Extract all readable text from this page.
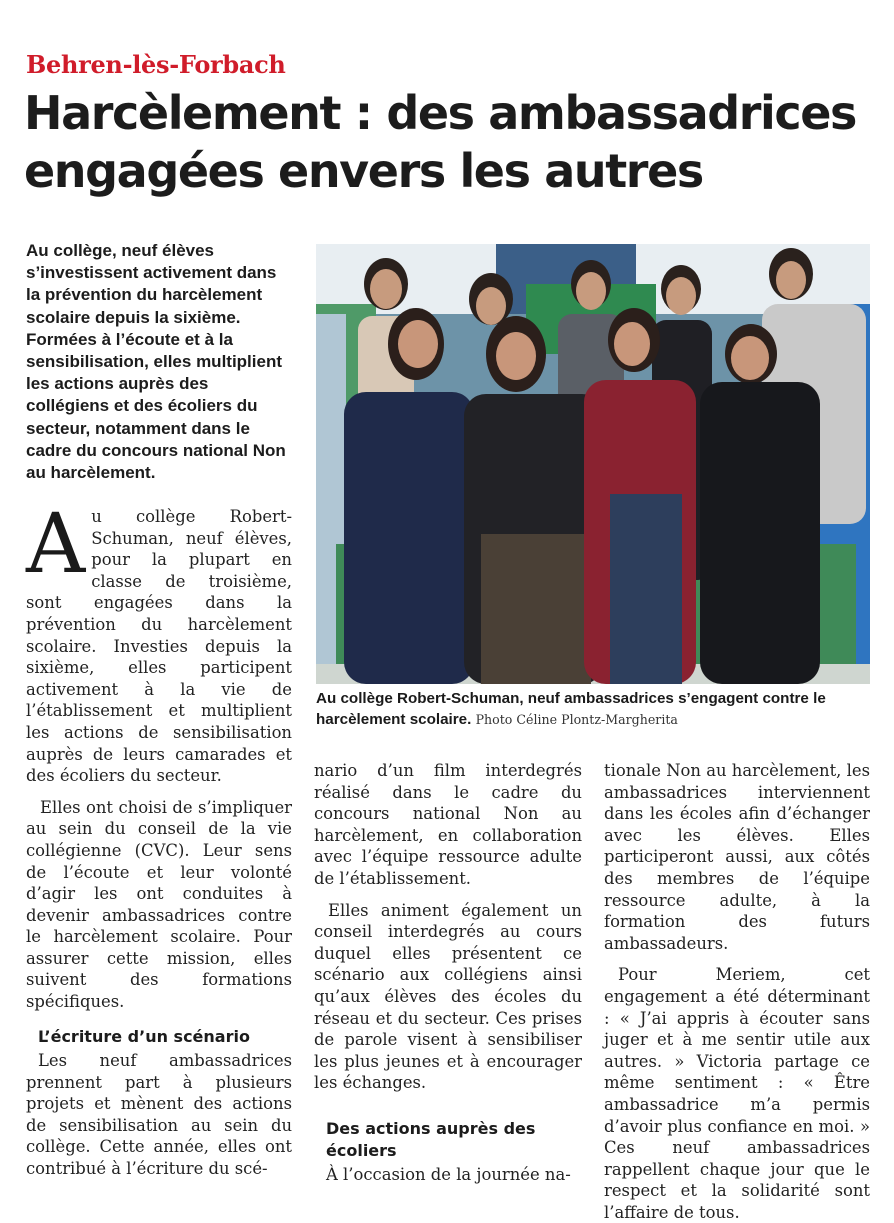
Behren-lès-Forbach
Harcèlement : des ambassadrices engagées envers les autres

Au collège, neuf élèves s’investissent activement dans la prévention du harcèlement scolaire depuis la sixième. Formées à l’écoute et à la sensibilisation, elles multiplient les actions auprès des collégiens et des écoliers du secteur, notamment dans le cadre du concours national Non au harcèlement.

Au collège Robert-Schuman, neuf élèves, pour la plupart en classe de troisième, sont engagées dans la prévention du harcèlement scolaire. Investies depuis la sixième, elles participent activement à la vie de l’établissement et multiplient les actions de sensibilisation auprès de leurs camarades et des écoliers du secteur.

Elles ont choisi de s’impliquer au sein du conseil de la vie collégienne (CVC). Leur sens de l’écoute et leur volonté d’agir les ont conduites à devenir ambassadrices contre le harcèlement scolaire. Pour assurer cette mission, elles suivent des formations spécifiques.

L’écriture d’un scénario

Les neuf ambassadrices prennent part à plusieurs projets et mènent des actions de sensibilisation au sein du collège. Cette année, elles ont contribué à l’écriture du scé-

Au collège Robert-Schuman, neuf ambassadrices s’engagent contre le harcèlement scolaire. Photo Céline Plontz-Margherita

nario d’un film interdegrés réalisé dans le cadre du concours national Non au harcèlement, en collaboration avec l’équipe ressource adulte de l’établissement.

Elles animent également un conseil interdegrés au cours duquel elles présentent ce scénario aux collégiens ainsi qu’aux élèves des écoles du réseau et du secteur. Ces prises de parole visent à sensibiliser les plus jeunes et à encourager les échanges.

Des actions auprès des écoliers

À l’occasion de la journée na-

tionale Non au harcèlement, les ambassadrices interviennent dans les écoles afin d’échanger avec les élèves. Elles participeront aussi, aux côtés des membres de l’équipe ressource adulte, à la formation des futurs ambassadeurs.

Pour Meriem, cet engagement a été déterminant : « J’ai appris à écouter sans juger et à me sentir utile aux autres. » Victoria partage ce même sentiment : « Être ambassadrice m’a permis d’avoir plus confiance en moi. » Ces neuf ambassadrices rappellent chaque jour que le respect et la solidarité sont l’affaire de tous.
